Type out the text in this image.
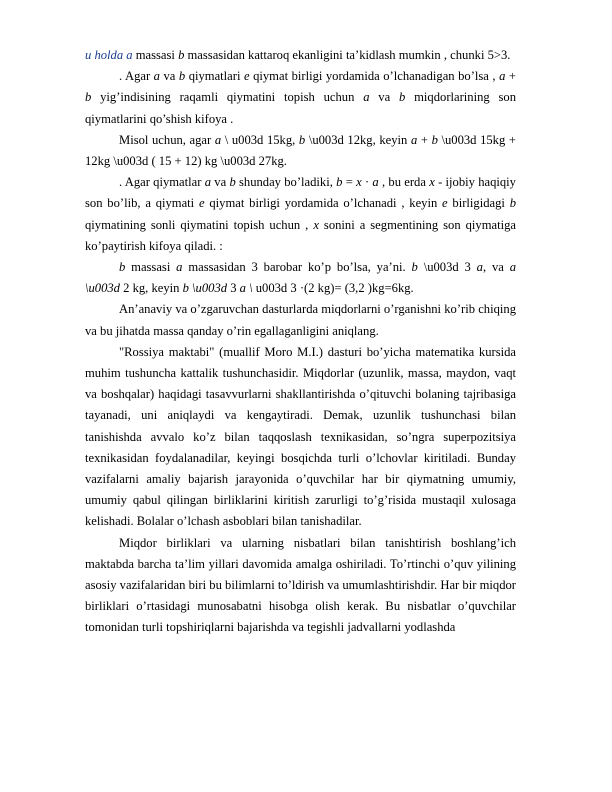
u holda a massasi b massasidan kattaroq ekanligini ta’kidlash mumkin , chunki 5>3.

. Agar a va b qiymatlari e qiymat birligi yordamida o’lchanadigan bo’lsa , a + b yig’indisining raqamli qiymatini topish uchun a va b miqdorlarining son qiymatlarini qo’shish kifoya .

Misol uchun, agar a \ u003d 15kg, b \u003d 12kg, keyin a + b \u003d 15kg + 12kg \u003d ( 15 + 12) kg \u003d 27kg.

. Agar qiymatlar a va b shunday bo’ladiki, b = x · a , bu erda x - ijobiy haqiqiy son bo’lib, a qiymati e qiymat birligi yordamida o’lchanadi , keyin e birligidagi b qiymatining sonli qiymatini topish uchun , x sonini a segmentining son qiymatiga ko’paytirish kifoya qiladi. :

b massasi a massasidan 3 barobar ko’p bo’lsa, ya’ni. b \u003d 3 a, va a \u003d 2 kg, keyin b \u003d 3 a \ u003d 3 ·(2 kg)= (3,2 )kg=6kg.

An’anaviy va o’zgaruvchan dasturlarda miqdorlarni o’rganishni ko’rib chiqing va bu jihatda massa qanday o’rin egallaganligini aniqlang.

"Rossiya maktabi" (muallif Moro M.I.) dasturi bo’yicha matematika kursida muhim tushuncha kattalik tushunchasidir. Miqdorlar (uzunlik, massa, maydon, vaqt va boshqalar) haqidagi tasavvurlarni shakllantirishda o’qituvchi bolaning tajribasiga tayanadi, uni aniqlaydi va kengaytiradi. Demak, uzunlik tushunchasi bilan tanishishda avvalo ko’z bilan taqqoslash texnikasidan, so’ngra superpozitsiya texnikasidan foydalanadilar, keyingi bosqichda turli o’lchovlar kiritiladi. Bunday vazifalarni amaliy bajarish jarayonida o’quvchilar har bir qiymatning umumiy, umumiy qabul qilingan birliklarini kiritish zarurligi to’g’risida mustaqil xulosaga kelishadi. Bolalar o’lchash asboblari bilan tanishadilar.

Miqdor birliklari va ularning nisbatlari bilan tanishtirish boshlang’ich maktabda barcha ta’lim yillari davomida amalga oshiriladi. To’rtinchi o’quv yilining asosiy vazifalaridan biri bu bilimlarni to’ldirish va umumlashtirishdir. Har bir miqdor birliklari o’rtasidagi munosabatni hisobga olish kerak. Bu nisbatlar o’quvchilar tomonidan turli topshiriqlarni bajarishda va tegishli jadvallarni yodlashda
